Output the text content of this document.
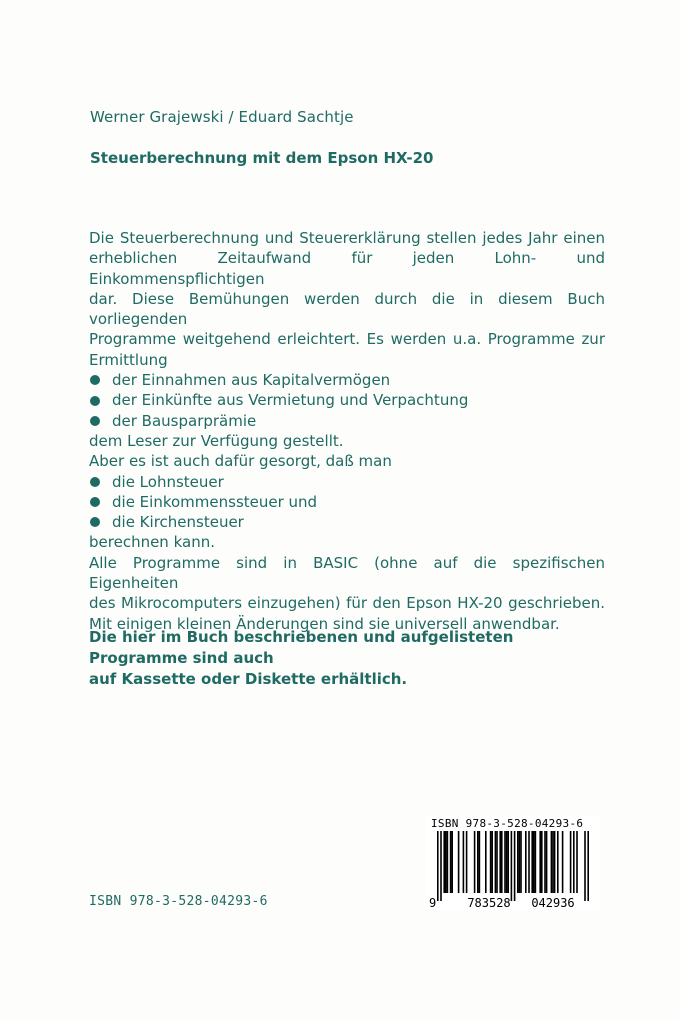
Werner Grajewski / Eduard Sachtje
Steuerberechnung mit dem Epson HX-20

Die Steuerberechnung und Steuererklärung stellen jedes Jahr einen

erheblichen Zeitaufwand für jeden Lohn- und Einkommenspflichtigen

dar. Diese Bemühungen werden durch die in diesem Buch vorliegenden

Programme weitgehend erleichtert. Es werden u.a. Programme zur

Ermittlung

der Einnahmen aus Kapitalvermögen
der Einkünfte aus Vermietung und Verpachtung
der Bausparprämie

dem Leser zur Verfügung gestellt.

Aber es ist auch dafür gesorgt, daß man

die Lohnsteuer
die Einkommenssteuer und
die Kirchensteuer

berechnen kann.

Alle Programme sind in BASIC (ohne auf die spezifischen Eigenheiten

des Mikrocomputers einzugehen) für den Epson HX-20 geschrieben.

Mit einigen kleinen Änderungen sind sie universell anwendbar.

Die hier im Buch beschriebenen und aufgelisteten Programme sind auch
auf Kassette oder Diskette erhältlich.
ISBN 978-3-528-04293-6
ISBN 978-3-528-04293-6
9	783528 042936
